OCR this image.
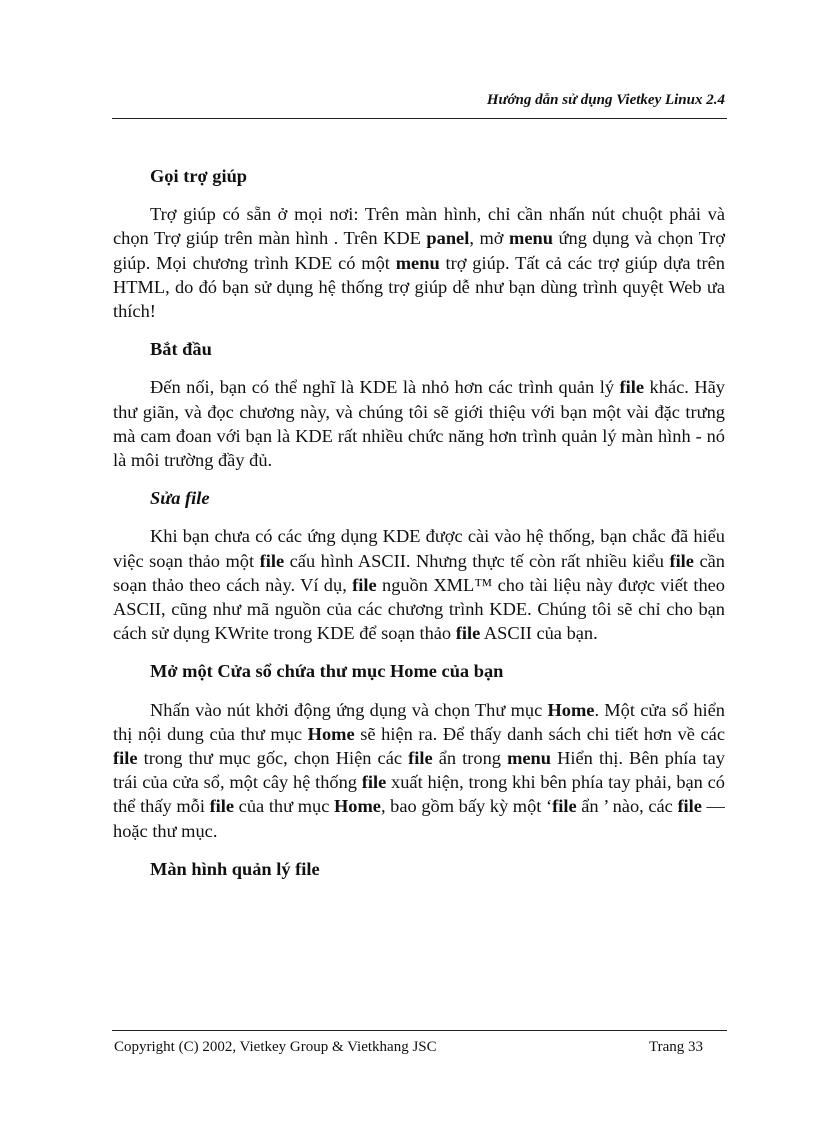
Hướng dẫn sử dụng Vietkey Linux 2.4

Gọi trợ giúp

Trợ giúp có sẵn ở mọi nơi: Trên màn hình, chỉ cần nhấn nút chuột phải và chọn Trợ giúp trên màn hình . Trên KDE panel, mở menu ứng dụng và chọn Trợ giúp. Mọi chương trình KDE có một menu trợ giúp. Tất cả các trợ giúp dựa trên HTML, do đó bạn sử dụng hệ thống trợ giúp dễ như bạn dùng trình quyệt Web ưa thích!

Bắt đầu

Đến nối, bạn có thể nghĩ là KDE là nhỏ hơn các trình quản lý file khác. Hãy thư giãn, và đọc chương này, và chúng tôi sẽ giới thiệu với bạn một vài đặc trưng mà cam đoan với bạn là KDE rất nhiều chức năng hơn trình quản lý màn hình - nó là môi trường đầy đủ.

Sửa file

Khi bạn chưa có các ứng dụng KDE được cài vào hệ thống, bạn chắc đã hiểu việc soạn thảo một file cấu hình ASCII. Nhưng thực tế còn rất nhiều kiểu file cần soạn thảo theo cách này. Ví dụ, file nguồn XML™ cho tài liệu này được viết theo ASCII, cũng như mã nguồn của các chương trình KDE. Chúng tôi sẽ chỉ cho bạn cách sử dụng KWrite trong KDE để soạn thảo file ASCII của bạn.

Mở một Cửa sổ chứa thư mục Home của bạn

Nhấn vào nút khởi động ứng dụng và chọn Thư mục Home. Một cửa sổ hiển thị nội dung của thư mục Home sẽ hiện ra. Để thấy danh sách chi tiết hơn về các file trong thư mục gốc, chọn Hiện các file ẩn trong menu Hiển thị. Bên phía tay trái của cửa sổ, một cây hệ thống file xuất hiện, trong khi bên phía tay phải, bạn có thể thấy mỗi file của thư mục Home, bao gồm bấy kỳ một ‘file ẩn ’ nào, các file — hoặc thư mục.

Màn hình quản lý file

Copyright (C) 2002, Vietkey Group & Vietkhang JSC	Trang 33
